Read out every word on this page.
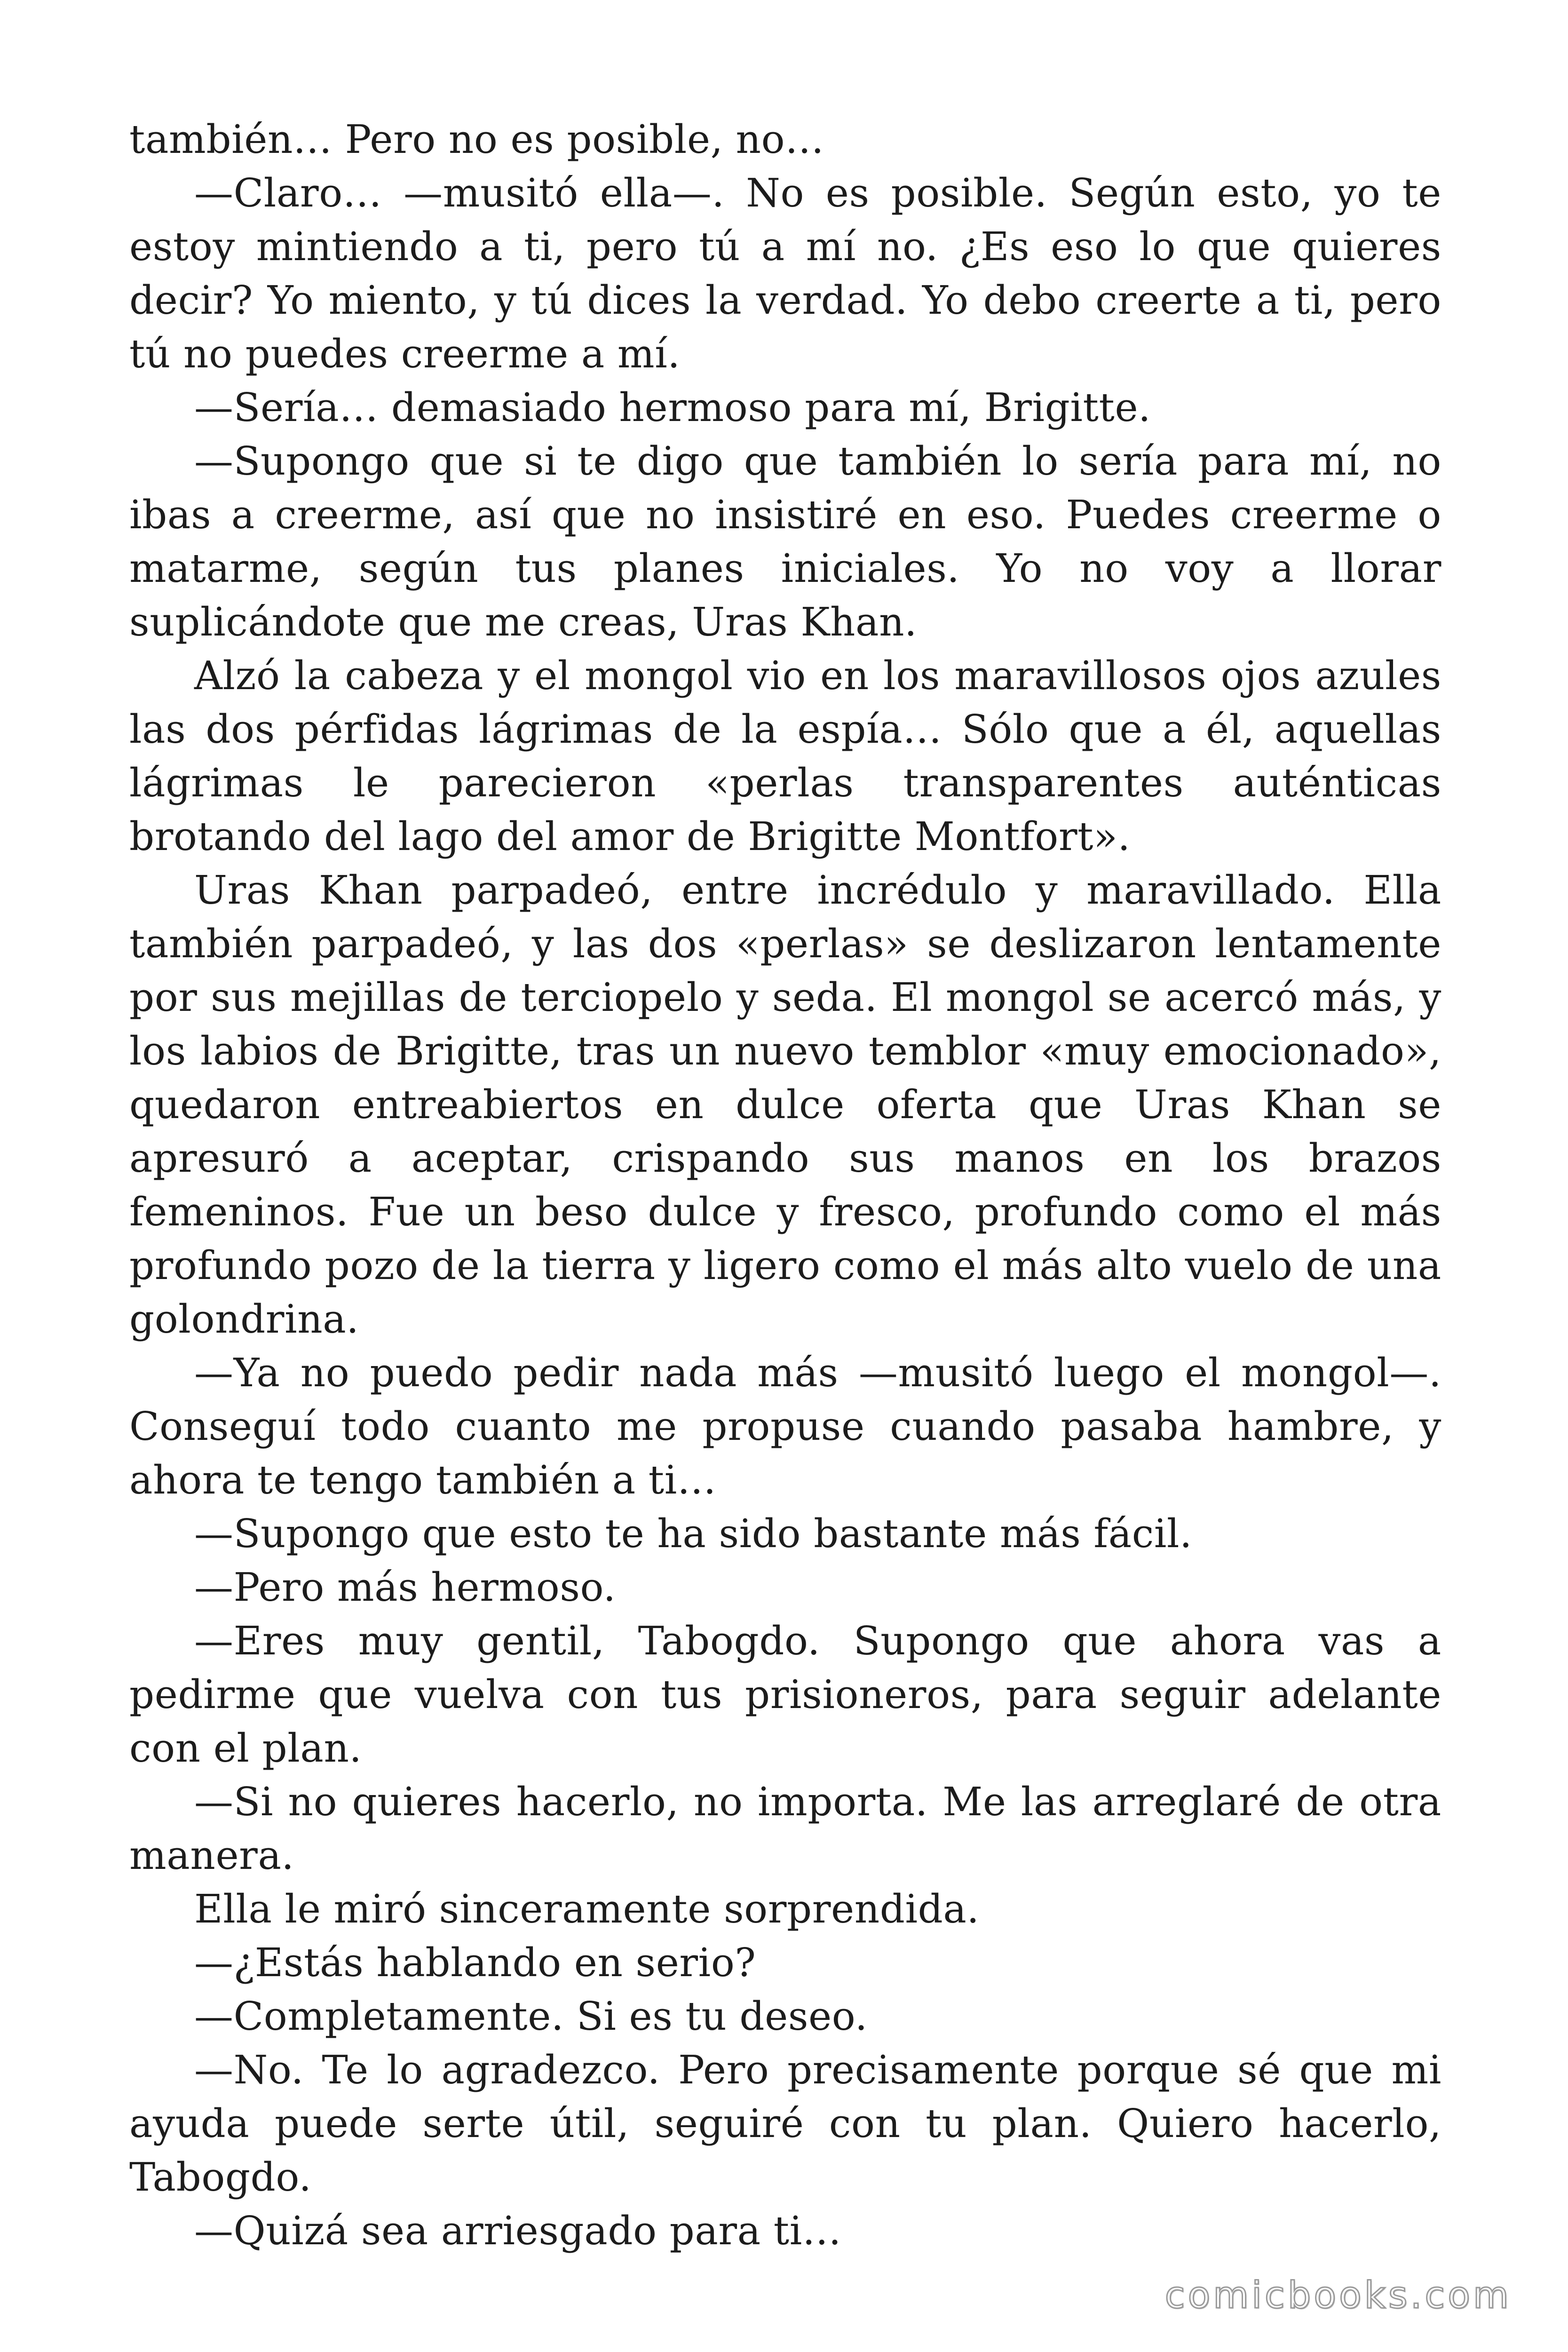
también… Pero no es posible, no…

—Claro… —musitó ella—. No es posible. Según esto, yo te estoy mintiendo a ti, pero tú a mí no. ¿Es eso lo que quieres decir? Yo miento, y tú dices la verdad. Yo debo creerte a ti, pero tú no puedes creerme a mí.

—Sería… demasiado hermoso para mí, Brigitte.

—Supongo que si te digo que también lo sería para mí, no ibas a creerme, así que no insistiré en eso. Puedes creerme o matarme, según tus planes iniciales. Yo no voy a llorar suplicándote que me creas, Uras Khan.

Alzó la cabeza y el mongol vio en los maravillosos ojos azules las dos pérfidas lágrimas de la espía… Sólo que a él, aquellas lágrimas le parecieron «perlas transparentes auténticas brotando del lago del amor de Brigitte Montfort».

Uras Khan parpadeó, entre incrédulo y maravillado. Ella también parpadeó, y las dos «perlas» se deslizaron lentamente por sus mejillas de terciopelo y seda. El mongol se acercó más, y los labios de Brigitte, tras un nuevo temblor «muy emocionado», quedaron entreabiertos en dulce oferta que Uras Khan se apresuró a aceptar, crispando sus manos en los brazos femeninos. Fue un beso dulce y fresco, profundo como el más profundo pozo de la tierra y ligero como el más alto vuelo de una golondrina.

—Ya no puedo pedir nada más —musitó luego el mongol—. Conseguí todo cuanto me propuse cuando pasaba hambre, y ahora te tengo también a ti…

—Supongo que esto te ha sido bastante más fácil.

—Pero más hermoso.

—Eres muy gentil, Tabogdo. Supongo que ahora vas a pedirme que vuelva con tus prisioneros, para seguir adelante con el plan.

—Si no quieres hacerlo, no importa. Me las arreglaré de otra manera.

Ella le miró sinceramente sorprendida.

—¿Estás hablando en serio?

—Completamente. Si es tu deseo.

—No. Te lo agradezco. Pero precisamente porque sé que mi ayuda puede serte útil, seguiré con tu plan. Quiero hacerlo, Tabogdo.

—Quizá sea arriesgado para ti…

comicbooks.com
